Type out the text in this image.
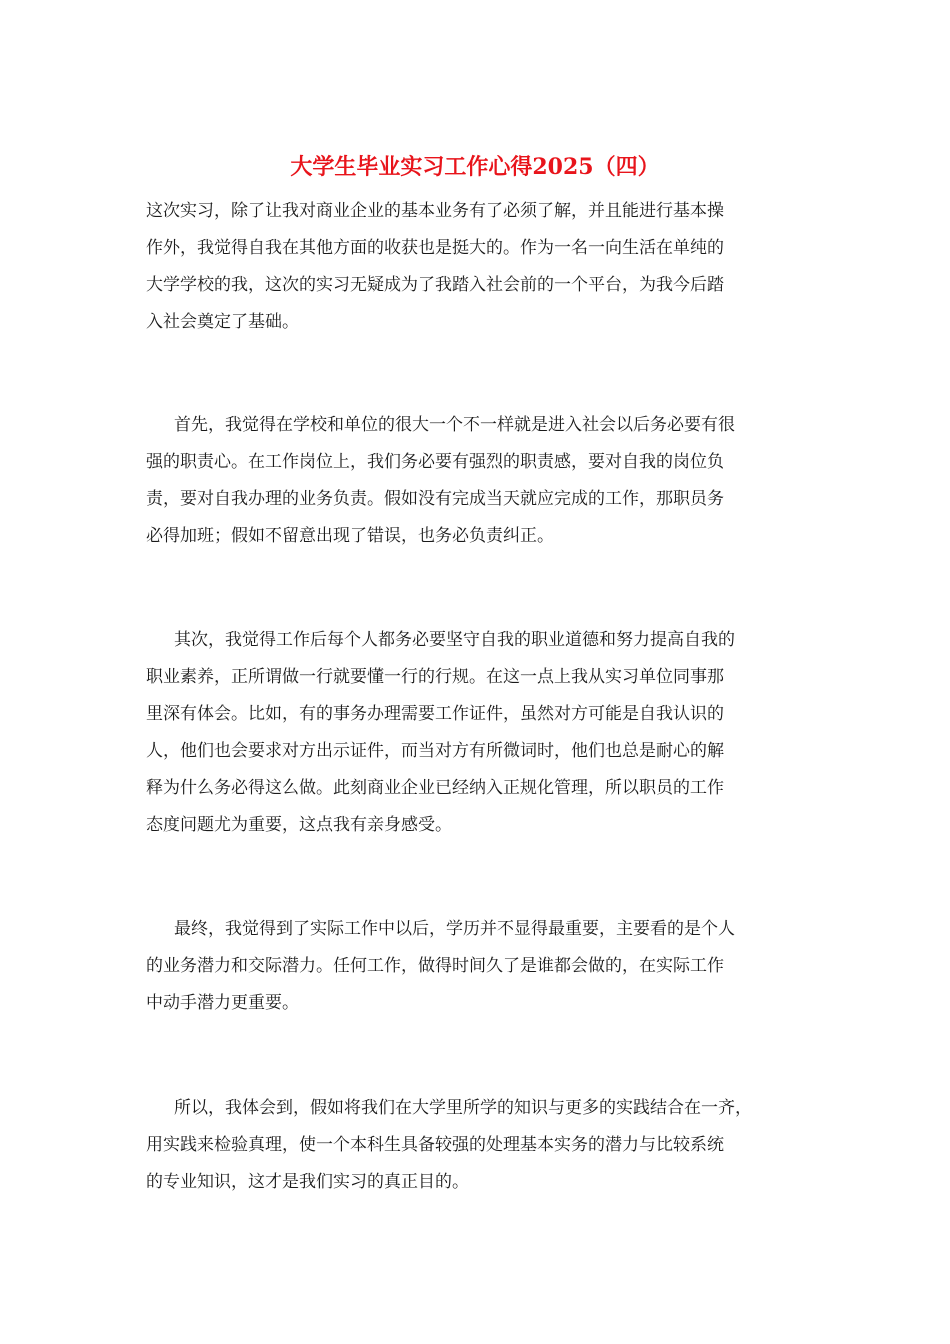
大学生毕业实习工作心得2025（四）

这次实习，除了让我对商业企业的基本业务有了必须了解，并且能进行基本操

作外，我觉得自我在其他方面的收获也是挺大的。作为一名一向生活在单纯的

大学学校的我，这次的实习无疑成为了我踏入社会前的一个平台，为我今后踏

入社会奠定了基础。

首先，我觉得在学校和单位的很大一个不一样就是进入社会以后务必要有很

强的职责心。在工作岗位上，我们务必要有强烈的职责感，要对自我的岗位负

责，要对自我办理的业务负责。假如没有完成当天就应完成的工作，那职员务

必得加班；假如不留意出现了错误，也务必负责纠正。

其次，我觉得工作后每个人都务必要坚守自我的职业道德和努力提高自我的

职业素养，正所谓做一行就要懂一行的行规。在这一点上我从实习单位同事那

里深有体会。比如，有的事务办理需要工作证件，虽然对方可能是自我认识的

人，他们也会要求对方出示证件，而当对方有所微词时，他们也总是耐心的解

释为什么务必得这么做。此刻商业企业已经纳入正规化管理，所以职员的工作

态度问题尤为重要，这点我有亲身感受。

最终，我觉得到了实际工作中以后，学历并不显得最重要，主要看的是个人

的业务潜力和交际潜力。任何工作，做得时间久了是谁都会做的，在实际工作

中动手潜力更重要。

所以，我体会到，假如将我们在大学里所学的知识与更多的实践结合在一齐，

用实践来检验真理，使一个本科生具备较强的处理基本实务的潜力与比较系统

的专业知识，这才是我们实习的真正目的。
